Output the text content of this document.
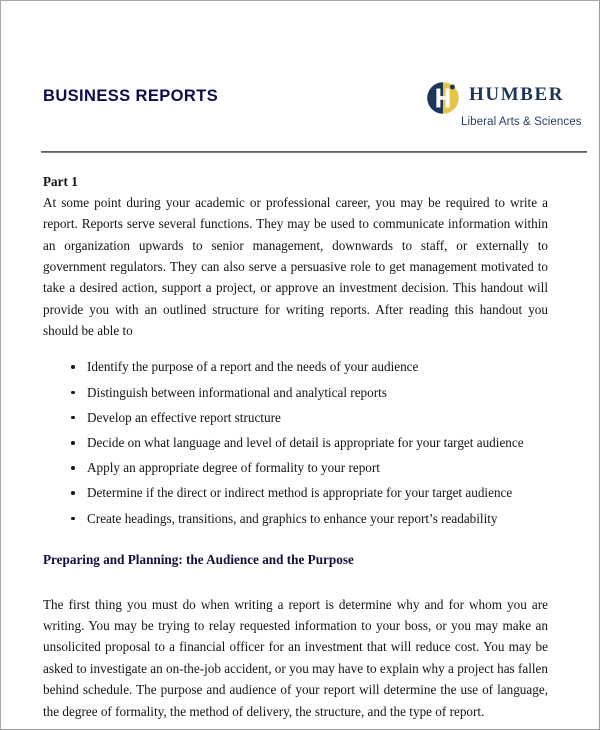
BUSINESS REPORTS	HUMBER
Liberal Arts & Sciences
Part 1

At some point during your academic or professional career, you may be required to write a report. Reports serve several functions. They may be used to communicate information within an organization upwards to senior management, downwards to staff, or externally to government regulators. They can also serve a persuasive role to get management motivated to take a desired action, support a project, or approve an investment decision. This handout will provide you with an outlined structure for writing reports. After reading this handout you should be able to

Identify the purpose of a report and the needs of your audience
Distinguish between informational and analytical reports
Develop an effective report structure
Decide on what language and level of detail is appropriate for your target audience
Apply an appropriate degree of formality to your report
Determine if the direct or indirect method is appropriate for your target audience
Create headings, transitions, and graphics to enhance your report’s readability
Preparing and Planning: the Audience and the Purpose

The first thing you must do when writing a report is determine why and for whom you are writing. You may be trying to relay requested information to your boss, or you may make an unsolicited proposal to a financial officer for an investment that will reduce cost. You may be asked to investigate an on-the-job accident, or you may have to explain why a project has fallen behind schedule. The purpose and audience of your report will determine the use of language, the degree of formality, the method of delivery, the structure, and the type of report.
